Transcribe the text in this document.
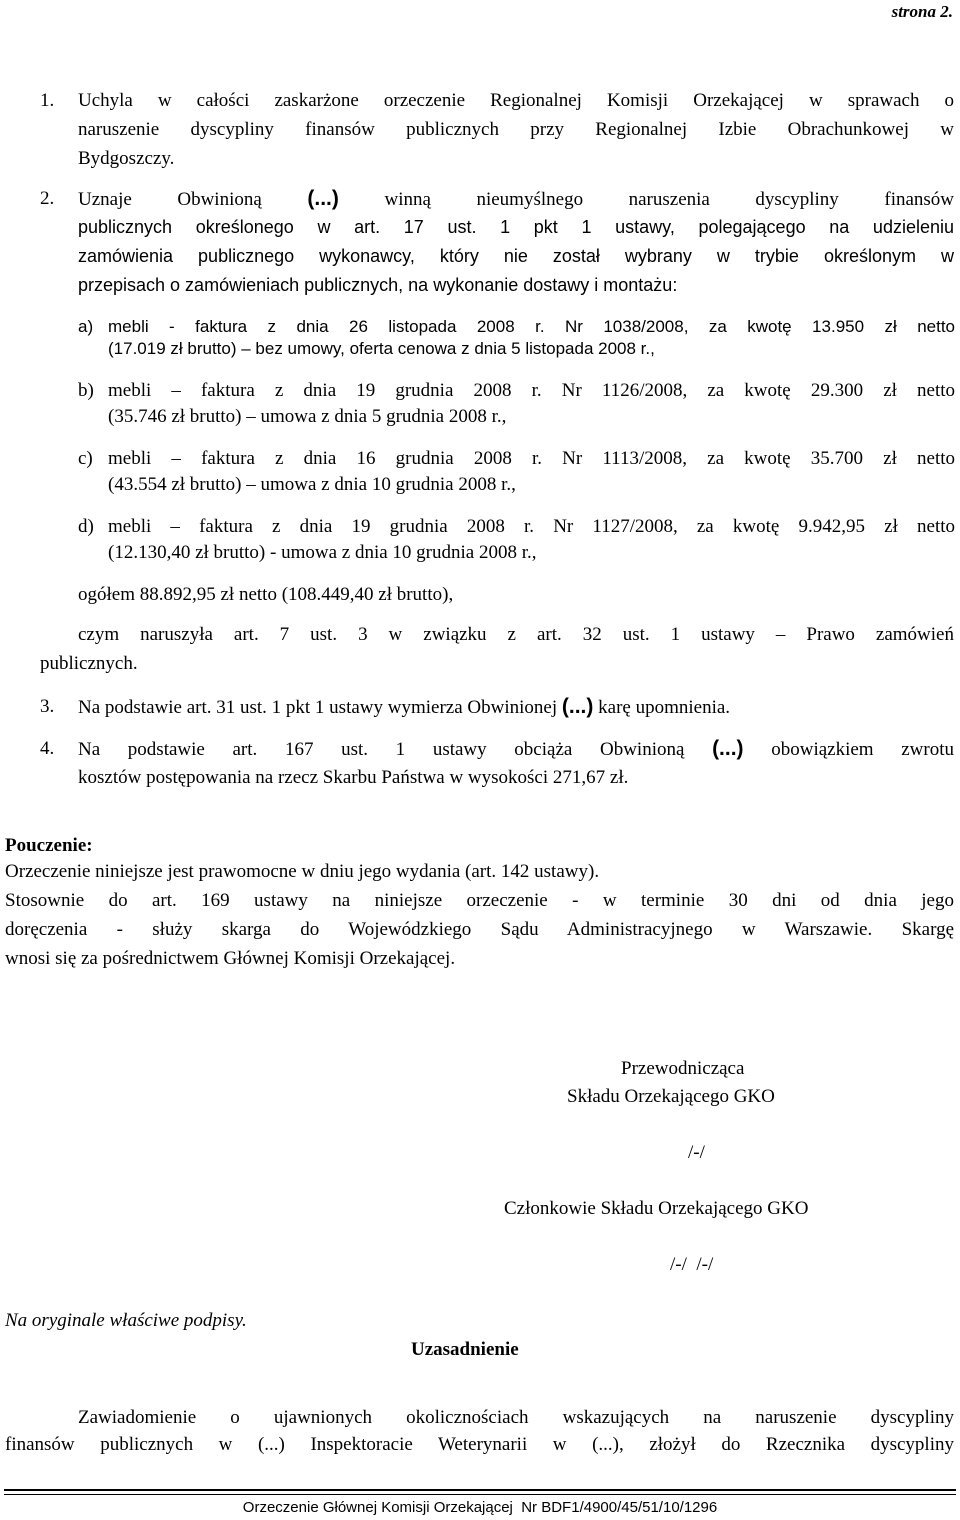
strona 2.
1. Uchyla w całości zaskarżone orzeczenie Regionalnej Komisji Orzekającej w sprawach o
naruszenie dyscypliny finansów publicznych przy Regionalnej Izbie Obrachunkowej w
Bydgoszczy.
2. Uznaje Obwinioną (...) winną nieumyślnego naruszenia dyscypliny finansów
publicznych określonego w art. 17 ust. 1 pkt 1 ustawy, polegającego na udzieleniu
zamówienia publicznego wykonawcy, który nie został wybrany w trybie określonym w
przepisach o zamówieniach publicznych, na wykonanie dostawy i montażu:
a) mebli - faktura z dnia 26 listopada 2008 r. Nr 1038/2008, za kwotę 13.950 zł netto
(17.019 zł brutto) – bez umowy, oferta cenowa z dnia 5 listopada 2008 r.,
b) mebli – faktura z dnia 19 grudnia 2008 r. Nr 1126/2008, za kwotę 29.300 zł netto
(35.746 zł brutto) – umowa z dnia 5 grudnia 2008 r.,
c) mebli – faktura z dnia 16 grudnia 2008 r. Nr 1113/2008, za kwotę 35.700 zł netto
(43.554 zł brutto) – umowa z dnia 10 grudnia 2008 r.,
d) mebli – faktura z dnia 19 grudnia 2008 r. Nr 1127/2008, za kwotę 9.942,95 zł netto
(12.130,40 zł brutto) - umowa z dnia 10 grudnia 2008 r.,
ogółem 88.892,95 zł netto (108.449,40 zł brutto),
czym naruszyła art. 7 ust. 3 w związku z art. 32 ust. 1 ustawy – Prawo zamówień
publicznych.
3. Na podstawie art. 31 ust. 1 pkt 1 ustawy wymierza Obwinionej (...) karę upomnienia.
4. Na podstawie art. 167 ust. 1 ustawy obciąża Obwinioną (...) obowiązkiem zwrotu
kosztów postępowania na rzecz Skarbu Państwa w wysokości 271,67 zł.
Pouczenie:
Orzeczenie niniejsze jest prawomocne w dniu jego wydania (art. 142 ustawy).
Stosownie do art. 169 ustawy na niniejsze orzeczenie - w terminie 30 dni od dnia jego
doręczenia - służy skarga do Wojewódzkiego Sądu Administracyjnego w Warszawie. Skargę
wnosi się za pośrednictwem Głównej Komisji Orzekającej.
Przewodnicząca
Składu Orzekającego GKO
/-/
Członkowie Składu Orzekającego GKO
/-/  /-/
Na oryginale właściwe podpisy.
Uzasadnienie
Zawiadomienie o ujawnionych okolicznościach wskazujących na naruszenie dyscypliny
finansów publicznych w (...) Inspektoracie Weterynarii w (...), złożył do Rzecznika dyscypliny
Orzeczenie Głównej Komisji Orzekającej  Nr BDF1/4900/45/51/10/1296
